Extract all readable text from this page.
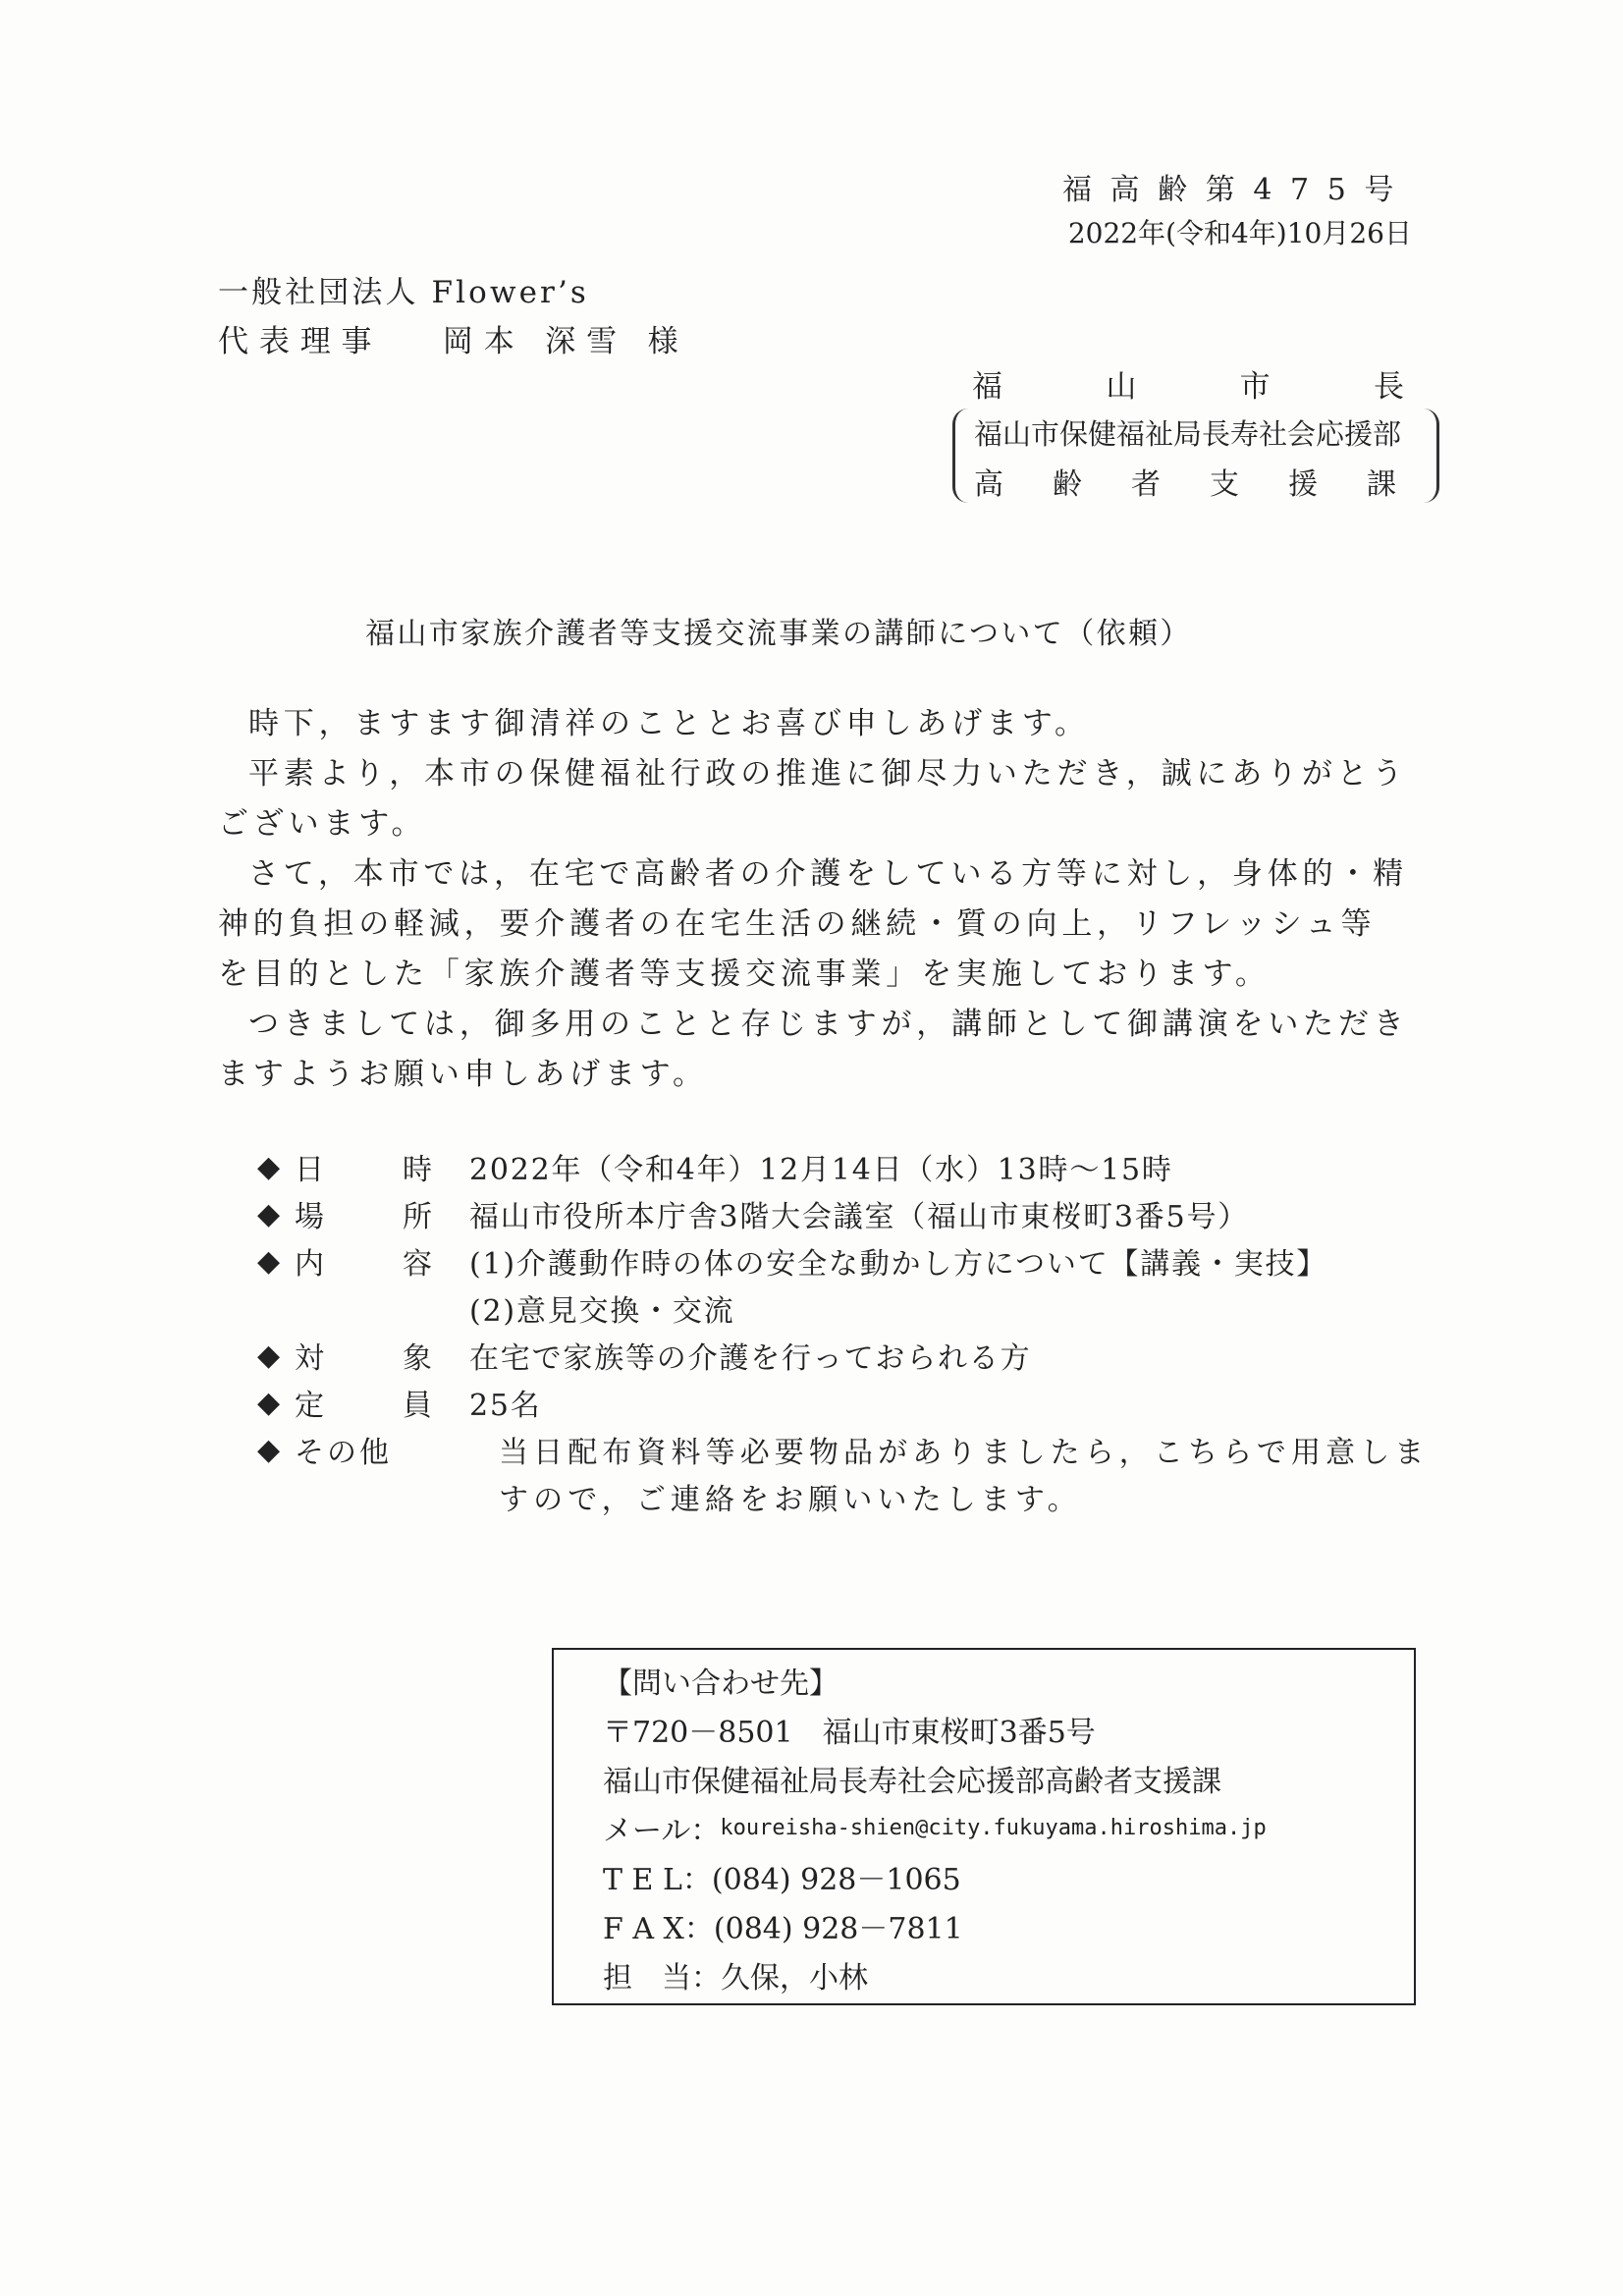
福高齢第475号
2022年(令和4年)10月26日
一般社団法人 Flower’s
代表理事 岡本 深雪 様
福	山	市	長
福山市保健福祉局長寿社会応援部
高 齢 者 支 援 課
福山市家族介護者等支援交流事業の講師について（依頼）

時下，ますます御清祥のこととお喜び申しあげます。

平素より，本市の保健福祉行政の推進に御尽力いただき，誠にありがとうございます。

さて，本市では，在宅で高齢者の介護をしている方等に対し，身体的・精神的負担の軽減，要介護者の在宅生活の継続・質の向上，リフレッシュ等を目的とした「家族介護者等支援交流事業」を実施しております。

つきましては，御多用のことと存じますが，講師として御講演をいただきますようお願い申しあげます。

◆ 日	時 2022年（令和4年）12月14日（水）13時～15時
◆ 場	所 福山市役所本庁舎3階大会議室（福山市東桜町3番5号）
◆ 内	容 (1)介護動作時の体の安全な動かし方について【講義・実技】
(2)意見交換・交流
◆ 対	象 在宅で家族等の介護を行っておられる方
◆ 定	員 25名
◆ その他	当日配布資料等必要物品がありましたら，こちらで用意しま
すので，ご連絡をお願いいたします。
【問い合わせ先】
〒720－8501　福山市東桜町3番5号
福山市保健福祉局長寿社会応援部高齢者支援課
メール： koureisha-shien@city.fukuyama.hiroshima.jp
T E L： (084) 928－1065
F A X： (084) 928－7811
担　当： 久保，小林
